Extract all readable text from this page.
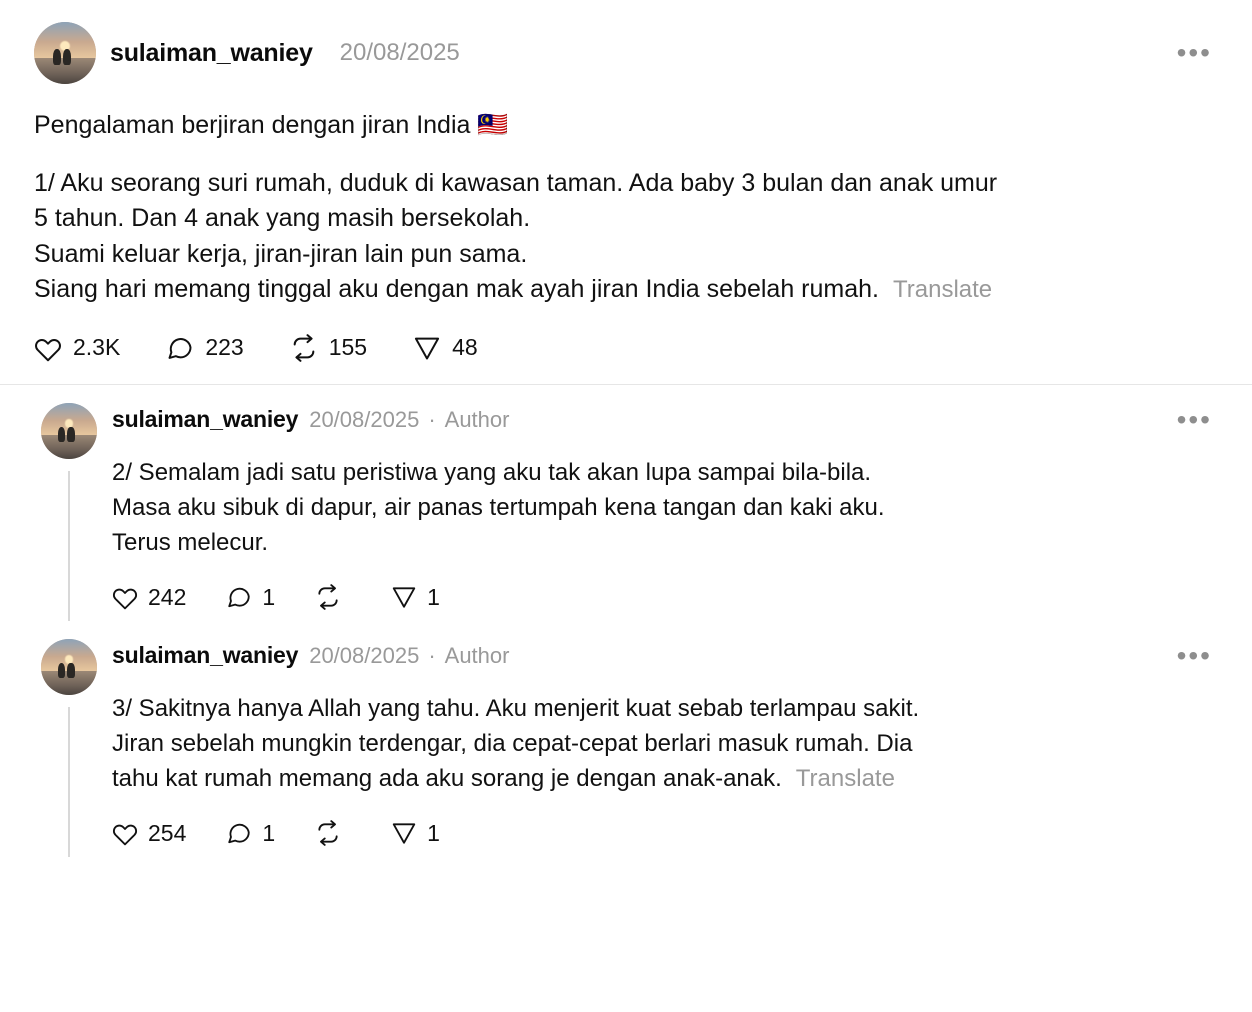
sulaiman_waniey 20/08/2025	•••

Pengalaman berjiran dengan jiran India 🇲🇾

1/ Aku seorang suri rumah, duduk di kawasan taman. Ada baby 3 bulan dan anak umur
5 tahun. Dan 4 anak yang masih bersekolah.
Suami keluar kerja, jiran-jiran lain pun sama.
Siang hari memang tinggal aku dengan mak ayah jiran India sebelah rumah. Translate

2.3K	223	155	48
sulaiman_waniey 20/08/2025 · Author	•••
2/ Semalam jadi satu peristiwa yang aku tak akan lupa sampai bila-bila.
Masa aku sibuk di dapur, air panas tertumpah kena tangan dan kaki aku.
Terus melecur.
242	1	1
sulaiman_waniey 20/08/2025 · Author	•••
3/ Sakitnya hanya Allah yang tahu. Aku menjerit kuat sebab terlampau sakit.
Jiran sebelah mungkin terdengar, dia cepat-cepat berlari masuk rumah. Dia
tahu kat rumah memang ada aku sorang je dengan anak-anak. Translate
254	1	1
